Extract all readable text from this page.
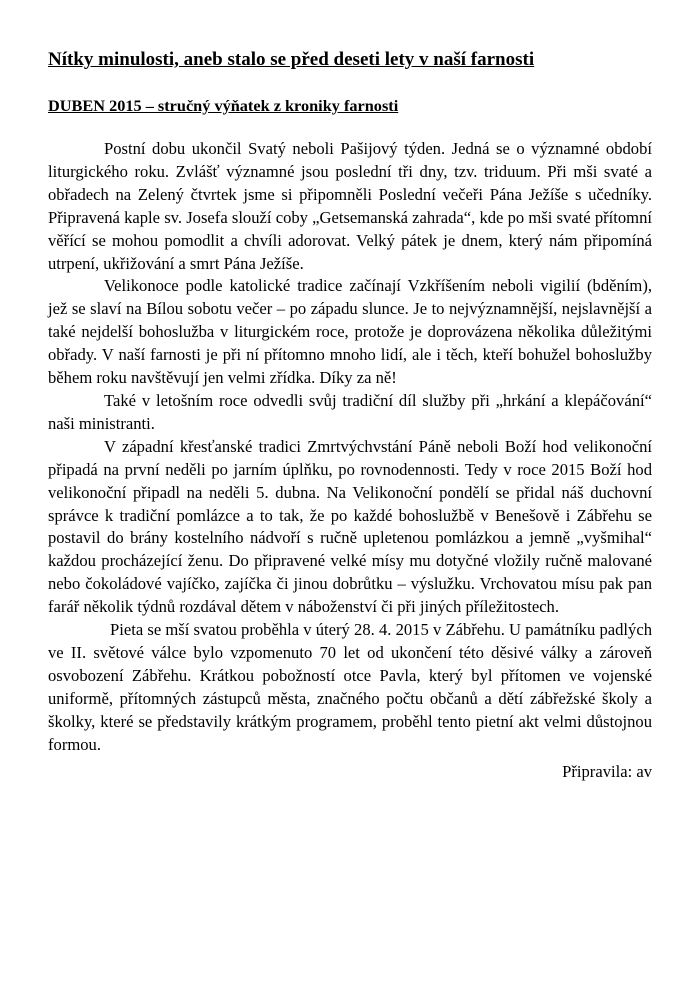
Nítky minulosti, aneb stalo se před deseti lety v naší farnosti
DUBEN 2015 – stručný výňatek z kroniky farnosti

Postní dobu ukončil Svatý neboli Pašijový týden. Jedná se o významné období liturgického roku. Zvlášť významné jsou poslední tři dny, tzv. triduum. Při mši svaté a obřadech na Zelený čtvrtek jsme si připomněli Poslední večeři Pána Ježíše s učedníky. Připravená kaple sv. Josefa slouží coby „Getsemanská zahrada“, kde po mši svaté přítomní věřící se mohou pomodlit a chvíli adorovat. Velký pátek je dnem, který nám připomíná utrpení, ukřižování a smrt Pána Ježíše.

Velikonoce podle katolické tradice začínají Vzkříšením neboli vigilií (bděním), jež se slaví na Bílou sobotu večer – po západu slunce. Je to nejvýznamnější, nejslavnější a také nejdelší bohoslužba v liturgickém roce, protože je doprovázena několika důležitými obřady. V naší farnosti je při ní přítomno mnoho lidí, ale i těch, kteří bohužel bohoslužby během roku navštěvují jen velmi zřídka. Díky za ně!

Také v letošním roce odvedli svůj tradiční díl služby při „hrkání a klepáčování“ naši ministranti.

V západní křesťanské tradici Zmrtvýchvstání Páně neboli Boží hod velikonoční připadá na první neděli po jarním úplňku, po rovnodennosti. Tedy v roce 2015 Boží hod velikonoční připadl na neděli 5. dubna. Na Velikonoční pondělí se přidal náš duchovní správce k tradiční pomlázce a to tak, že po každé bohoslužbě v Benešově i Zábřehu se postavil do brány kostelního nádvoří s ručně upletenou pomlázkou a jemně „vyšmihal“ každou procházející ženu. Do připravené velké mísy mu dotyčné vložily ručně malované nebo čokoládové vajíčko, zajíčka či jinou dobrůtku – výslužku. Vrchovatou mísu pak pan farář několik týdnů rozdával dětem v náboženství či při jiných příležitostech.

Pieta se mší svatou proběhla v úterý 28. 4. 2015 v Zábřehu. U památníku padlých ve II. světové válce bylo vzpomenuto 70 let od ukončení této děsivé války a zároveň osvobození Zábřehu. Krátkou pobožností otce Pavla, který byl přítomen ve vojenské uniformě, přítomných zástupců města, značného počtu občanů a dětí zábřežské školy a školky, které se představily krátkým programem, proběhl tento pietní akt velmi důstojnou formou.

Připravila: av
